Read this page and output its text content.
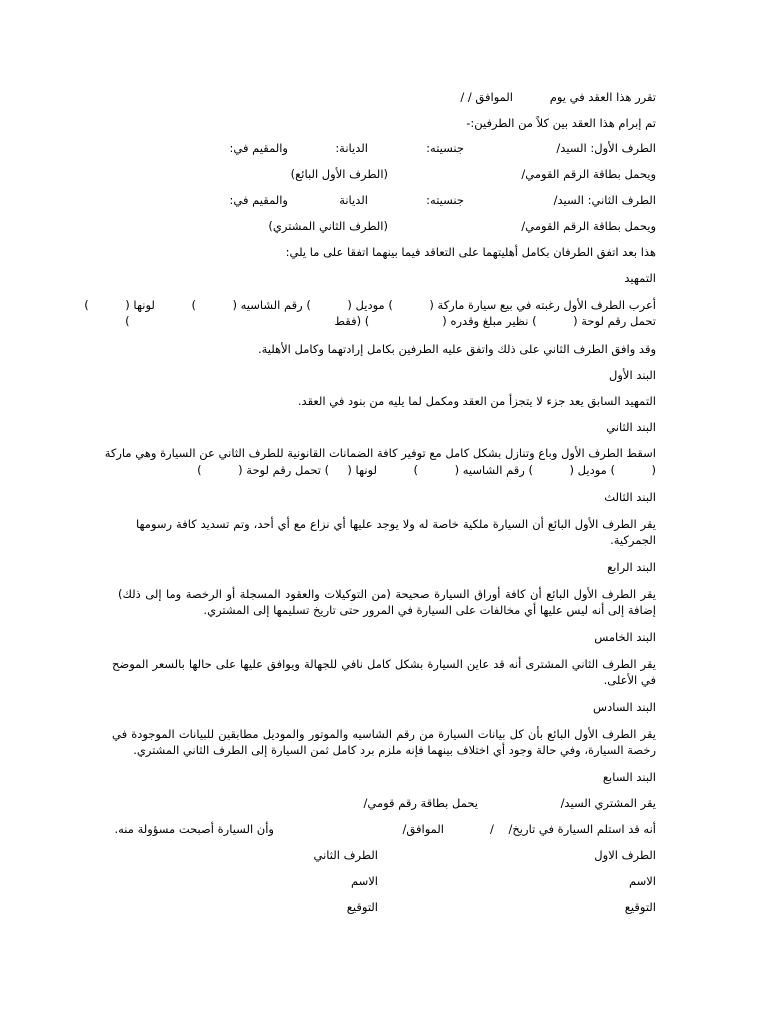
تقرر هذا العقد في يوم
الموافق / /
تم إبرام هذا العقد بين كلاً من الطرفين:-
الطرف الأول: السيد/
جنسيته:
الديانة:
والمقيم في:
ويحمل بطاقة الرقم القومي/
(الطرف الأول البائع)
الطرف الثاني: السيد/
جنسيته:
الديانة
والمقيم في:
ويحمل بطاقة الرقم القومي/
(الطرف الثاني المشتري)
هذا بعد اتفق الطرفان بكامل أهليتهما على التعاقد فيما بينهما اتفقا على ما يلي:
التمهيد
أعرب الطرف الأول رغبته في بيع سيارة ماركة (          ) موديل (          ) رقم الشاسيه (          )          لونها (          )
تحمل رقم لوحة (          ) نظير مبلغ وقدره (                    ) (فقط                                                        )
وقد وافق الطرف الثاني على ذلك واتفق عليه الطرفين بكامل إرادتهما وكامل الأهلية.
البند الأول
التمهيد السابق يعد جزء لا يتجزأ من العقد ومكمل لما يليه من بنود في العقد.
البند الثاني
اسقط الطرف الأول وباع وتنازل بشكل كامل مع توفير كافة الضمانات القانونية للطرف الثاني عن السيارة وهي ماركة
(          ) موديل (          ) رقم الشاسيه (          )          لونها (     ) تحمل رقم لوحة (          )
البند الثالث
يقر الطرف الأول البائع أن السيارة ملكية خاصة له ولا يوجد عليها أي نزاع مع أي أحد، وتم تسديد كافة رسومها الجمركية.
البند الرابع
يقر الطرف الأول البائع أن كافة أوراق السيارة صحيحة (من التوكيلات والعقود المسجلة أو الرخصة وما إلى ذلك) إضافة إلى أنه ليس عليها أي مخالفات على السيارة في المرور حتى تاريخ تسليمها إلى المشتري.
البند الخامس
يقر الطرف الثاني المشترى أنه قد عاين السيارة بشكل كامل نافي للجهالة ويوافق عليها على حالها بالسعر الموضح في الأعلى.
البند السادس
يقر الطرف الأول البائع بأن كل بيانات السيارة من رقم الشاسيه والموتور والموديل مطابقين للبيانات الموجودة في رخصة السيارة، وفي حالة وجود أي اختلاف بينهما فإنه ملزم برد كامل ثمن السيارة إلى الطرف الثاني المشتري.
البند السابع
يقر المشتري السيد/
يحمل بطاقة رقم قومي/
أنه قد استلم السيارة في تاريخ/    /
الموافق/
وأن السيارة أصبحت مسؤولة منه.
الطرف الاول
الطرف الثاني
الاسم
الاسم
التوقيع
التوقيع
